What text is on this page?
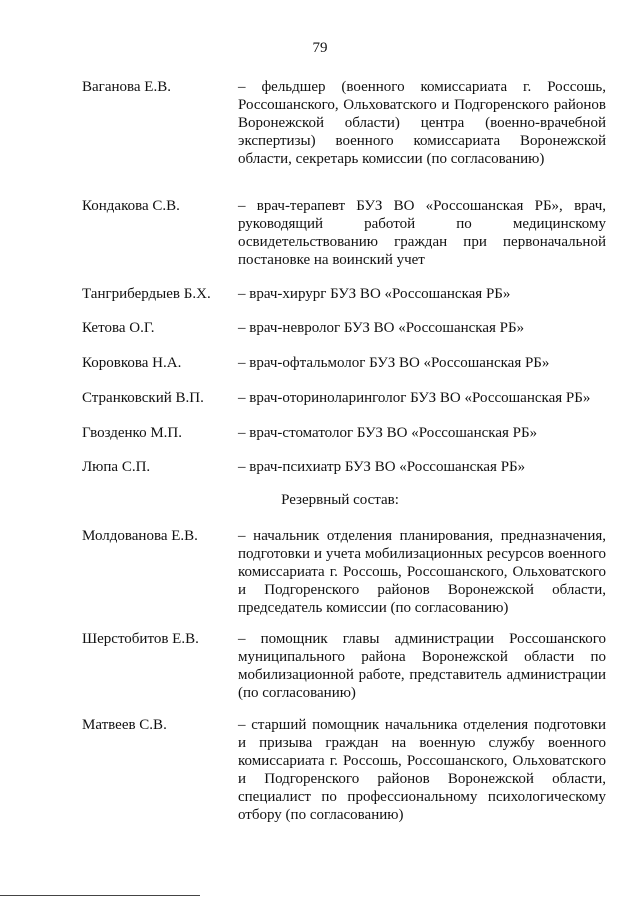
79
Ваганова Е.В.	– фельдшер (военного комиссариата г. Россошь, Россошанского, Ольховатского и Подгоренского районов Воронежской области) центра (военно-врачебной экспертизы) военного комиссариата Воронежской области, секретарь комиссии (по согласованию)
Кондакова С.В.	– врач-терапевт БУЗ ВО «Россошанская РБ», врач, руководящий работой по медицинскому освидетельствованию граждан при первоначальной постановке на воинский учет
Тангрибердыев Б.Х. – врач-хирург БУЗ ВО «Россошанская РБ»
Кетова О.Г.	– врач-невролог БУЗ ВО «Россошанская РБ»
Коровкова Н.А.	– врач-офтальмолог БУЗ ВО «Россошанская РБ»
Странковский В.П. – врач-оториноларинголог БУЗ ВО «Россошанская РБ»
Гвозденко М.П.	– врач-стоматолог БУЗ ВО «Россошанская РБ»
Люпа С.П.	– врач-психиатр БУЗ ВО «Россошанская РБ»
Резервный состав:
Молдованова Е.В.	– начальник отделения планирования, предназначения, подготовки и учета мобилизационных ресурсов военного комиссариата г. Россошь, Россошанского, Ольховатского и Подгоренского районов Воронежской области, председатель комиссии (по согласованию)
Шерстобитов Е.В.	– помощник главы администрации Россошанского муниципального района Воронежской области по мобилизационной работе, представитель администрации (по согласованию)
Матвеев С.В.	– старший помощник начальника отделения подготовки и призыва граждан на военную службу военного комиссариата г. Россошь, Россошанского, Ольховатского и Подгоренского районов Воронежской области, специалист по профессиональному психологическому отбору (по согласованию)
